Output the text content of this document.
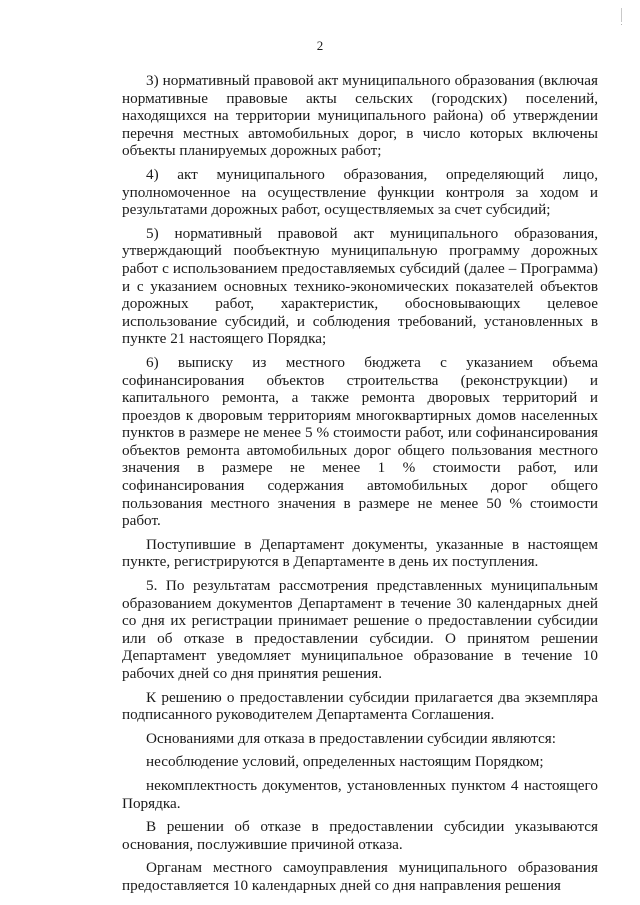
2

3) нормативный правовой акт муниципального образования (включая нормативные правовые акты сельских (городских) поселений, находящихся на территории муниципального района) об утверждении перечня местных автомобильных дорог, в число которых включены объекты планируемых дорожных работ;

4) акт муниципального образования, определяющий лицо, уполномоченное на осуществление функции контроля за ходом и результатами дорожных работ, осуществляемых за счет субсидий;

5) нормативный правовой акт муниципального образования, утверждающий пообъектную муниципальную программу дорожных работ с использованием предоставляемых субсидий (далее – Программа) и с указанием основных технико-экономических показателей объектов дорожных работ, характеристик, обосновывающих целевое использование субсидий, и соблюдения требований, установленных в пункте 21 настоящего Порядка;

6) выписку из местного бюджета с указанием объема софинансирования объектов строительства (реконструкции) и капитального ремонта, а также ремонта дворовых территорий и проездов к дворовым территориям многоквартирных домов населенных пунктов в размере не менее 5 % стоимости работ, или софинансирования объектов ремонта автомобильных дорог общего пользования местного значения в размере не менее 1 % стоимости работ, или софинансирования содержания автомобильных дорог общего пользования местного значения в размере не менее 50 % стоимости работ.

Поступившие в Департамент документы, указанные в настоящем пункте, регистрируются в Департаменте в день их поступления.

5. По результатам рассмотрения представленных муниципальным образованием документов Департамент в течение 30 календарных дней со дня их регистрации принимает решение о предоставлении субсидии или об отказе в предоставлении субсидии. О принятом решении Департамент уведомляет муниципальное образование в течение 10 рабочих дней со дня принятия решения.

К решению о предоставлении субсидии прилагается два экземпляра подписанного руководителем Департамента Соглашения.

Основаниями для отказа в предоставлении субсидии являются:

несоблюдение условий, определенных настоящим Порядком;

некомплектность документов, установленных пунктом 4 настоящего Порядка.

В решении об отказе в предоставлении субсидии указываются основания, послужившие причиной отказа.

Органам местного самоуправления муниципального образования предоставляется 10 календарных дней со дня направления решения
